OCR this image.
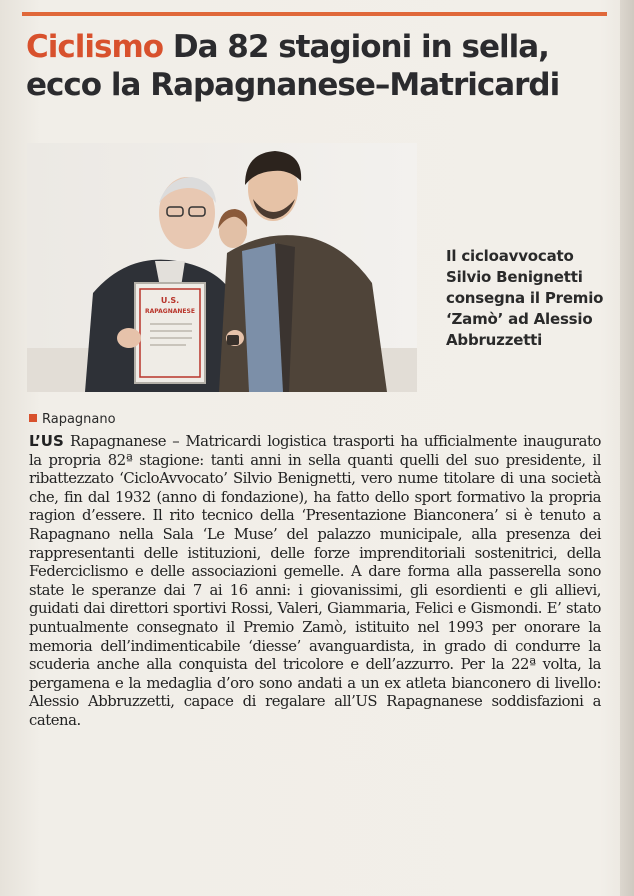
Ciclismo Da 82 stagioni in sella, ecco la Rapagnanese–Matricardi
U.S.
RAPAGNANESE

Il cicloavvocato Silvio Benignetti consegna il Premio ‘Zamò’ ad Alessio Abbruzzetti

Rapagnano

L’US Rapagnanese – Matricardi logistica trasporti ha ufficialmente inaugurato la propria 82ª stagione: tanti anni in sella quanti quelli del suo presidente, il ribattezzato ‘CicloAvvocato’ Silvio Benignetti, vero nume titolare di una società che, fin dal 1932 (anno di fondazione), ha fatto dello sport formativo la propria ragion d’essere. Il rito tecnico della ‘Presentazione Bianconera’ si è tenuto a Rapagnano nella Sala ‘Le Muse’ del palazzo municipale, alla presenza dei rappresentanti delle istituzioni, delle forze imprenditoriali sostenitrici, della Federciclismo e delle associazioni gemelle. A dare forma alla passerella sono state le speranze dai 7 ai 16 anni: i giovanissimi, gli esordienti e gli allievi, guidati dai direttori sportivi Rossi, Valeri, Giammaria, Felici e Gismondi. E’ stato puntualmente consegnato il Premio Zamò, istituito nel 1993 per onorare la memoria dell’indimenticabile ‘diesse’ avanguardista, in grado di condurre la scuderia anche alla conquista del tricolore e dell’azzurro. Per la 22ª volta, la pergamena e la medaglia d’oro sono andati a un ex atleta bianconero di livello: Alessio Abbruzzetti, capace di regalare all’US Rapagnanese soddisfazioni a catena.
